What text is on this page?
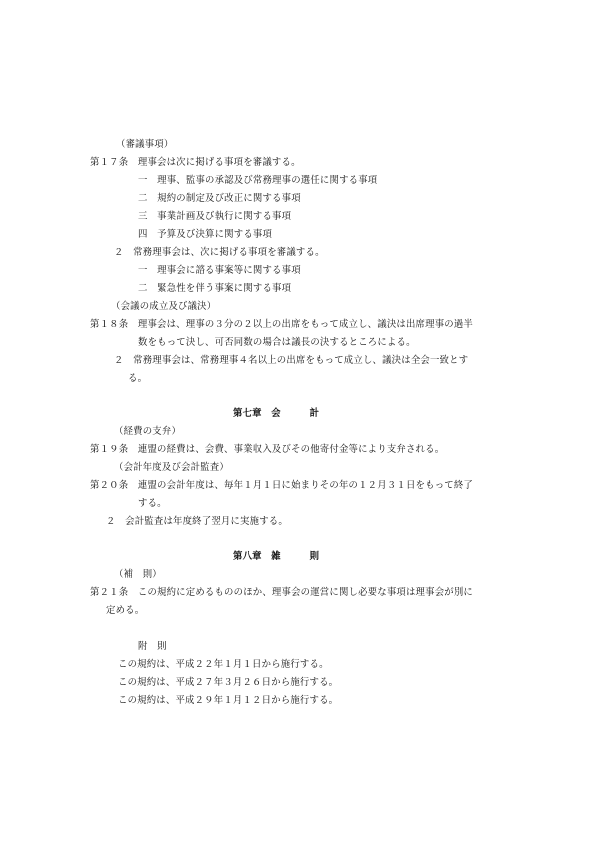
（審議事項）
第１７条　理事会は次に掲げる事項を審議する。
一　理事、監事の承認及び常務理事の選任に関する事項
二　規約の制定及び改正に関する事項
三　事業計画及び執行に関する事項
四　予算及び決算に関する事項
２　常務理事会は、次に掲げる事項を審議する。
一　理事会に諮る事案等に関する事項
二　緊急性を伴う事案に関する事項
（会議の成立及び議決）
第１８条　理事会は、理事の３分の２以上の出席をもって成立し、議決は出席理事の過半
数をもって決し、可否同数の場合は議長の決するところによる。
２　常務理事会は、常務理事４名以上の出席をもって成立し、議決は全会一致とす
る。
第七章　会　　　計
（経費の支弁）
第１９条　連盟の経費は、会費、事業収入及びその他寄付金等により支弁される。
（会計年度及び会計監査）
第２０条　連盟の会計年度は、毎年１月１日に始まりその年の１２月３１日をもって終了
する。
２　会計監査は年度終了翌月に実施する。
第八章　雑　　　則
（補　則）
第２１条　この規約に定めるもののほか、理事会の運営に関し必要な事項は理事会が別に
定める。
附　則
この規約は、平成２２年１月１日から施行する。
この規約は、平成２７年３月２６日から施行する。
この規約は、平成２９年１月１２日から施行する。
